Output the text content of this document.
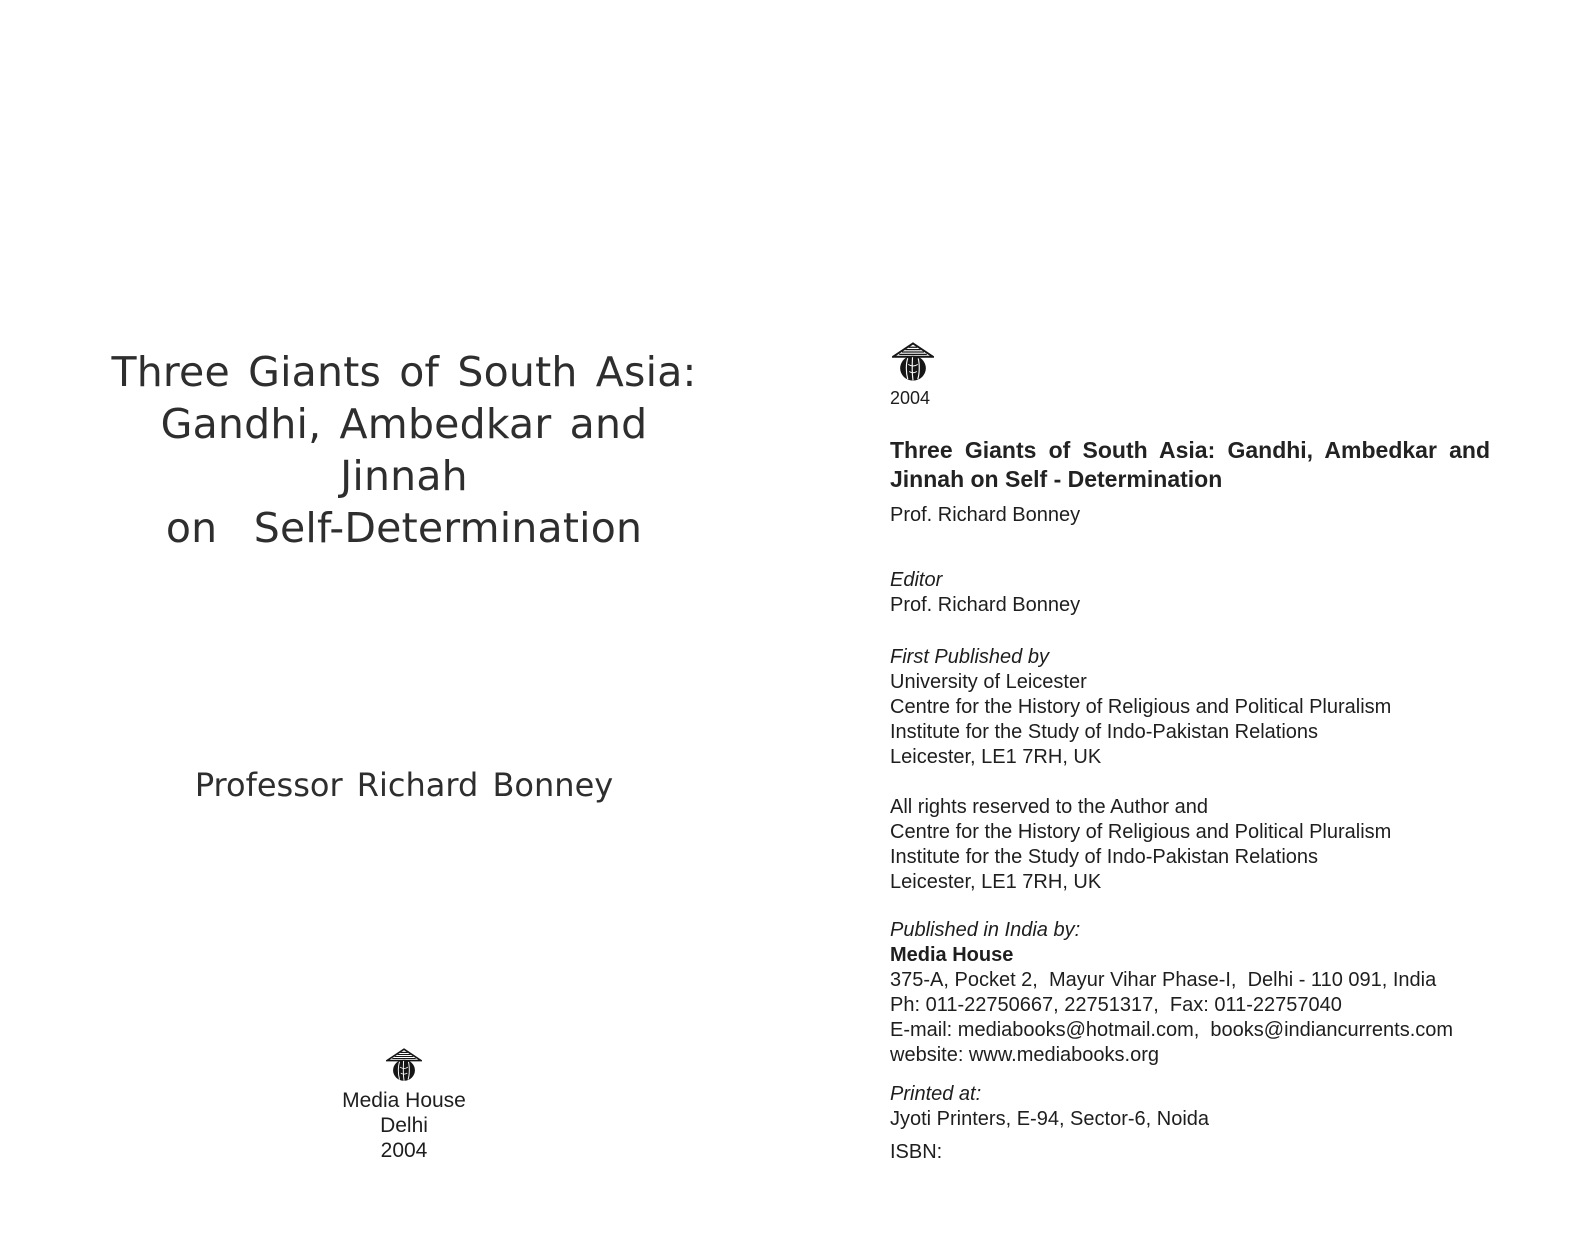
Three Giants of South Asia:
Gandhi, Ambedkar and
Jinnah
on  Self-Determination
Professor Richard Bonney
Media House
Delhi
2004
2004
Three Giants of South Asia: Gandhi, Ambedkar and
Jinnah on Self - Determination
Prof. Richard Bonney
Editor
Prof. Richard Bonney
First Published by
University of Leicester
Centre for the History of Religious and Political Pluralism
Institute for the Study of Indo-Pakistan Relations
Leicester, LE1 7RH, UK
All rights reserved to the Author and
Centre for the History of Religious and Political Pluralism
Institute for the Study of Indo-Pakistan Relations
Leicester, LE1 7RH, UK
Published in India by:
Media House
375-A, Pocket 2,  Mayur Vihar Phase-I,  Delhi - 110 091, India
Ph: 011-22750667, 22751317,  Fax: 011-22757040
E-mail: mediabooks@hotmail.com,  books@indiancurrents.com
website: www.mediabooks.org
Printed at:
Jyoti Printers, E-94, Sector-6, Noida
ISBN:
